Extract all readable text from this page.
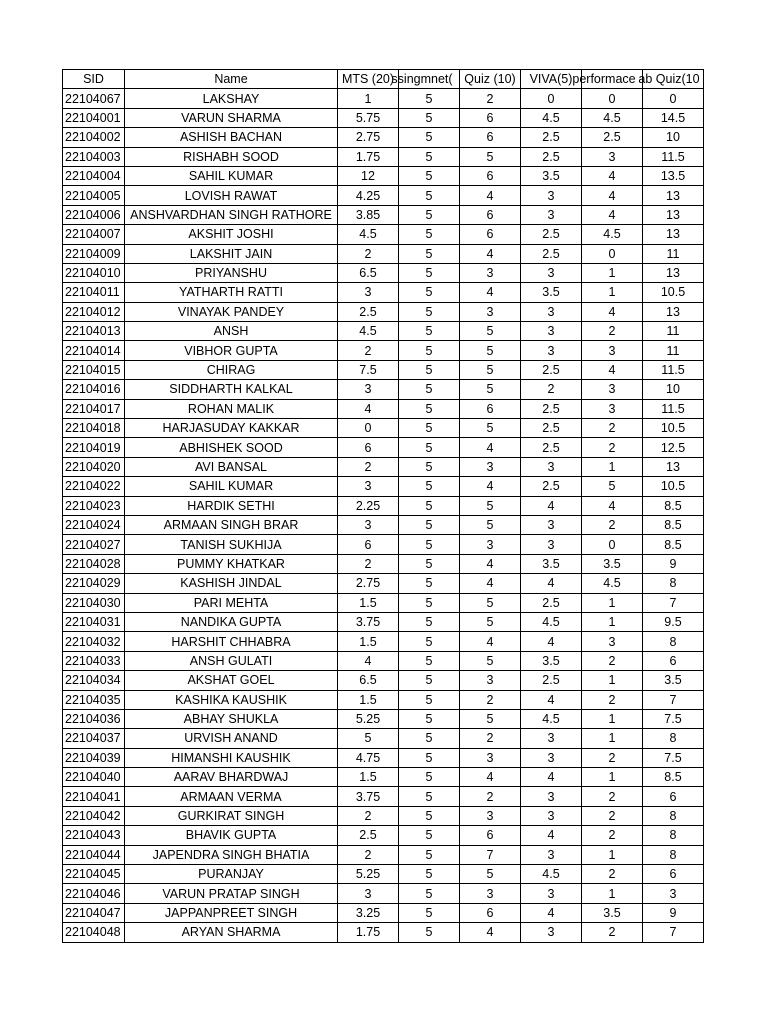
SID	Name	MTS (20)	ssingmnet(	Quiz (10)	VIVA(5)	performace	ab Quiz(10
22104067	LAKSHAY	1	5	2	0	0	0
22104001	VARUN SHARMA	5.75	5	6	4.5	4.5	14.5
22104002	ASHISH BACHAN	2.75	5	6	2.5	2.5	10
22104003	RISHABH SOOD	1.75	5	5	2.5	3	11.5
22104004	SAHIL KUMAR	12	5	6	3.5	4	13.5
22104005	LOVISH RAWAT	4.25	5	4	3	4	13
22104006	ANSHVARDHAN SINGH RATHORE	3.85	5	6	3	4	13
22104007	AKSHIT JOSHI	4.5	5	6	2.5	4.5	13
22104009	LAKSHIT JAIN	2	5	4	2.5	0	11
22104010	PRIYANSHU	6.5	5	3	3	1	13
22104011	YATHARTH RATTI	3	5	4	3.5	1	10.5
22104012	VINAYAK PANDEY	2.5	5	3	3	4	13
22104013	ANSH	4.5	5	5	3	2	11
22104014	VIBHOR GUPTA	2	5	5	3	3	11
22104015	CHIRAG	7.5	5	5	2.5	4	11.5
22104016	SIDDHARTH KALKAL	3	5	5	2	3	10
22104017	ROHAN MALIK	4	5	6	2.5	3	11.5
22104018	HARJASUDAY KAKKAR	0	5	5	2.5	2	10.5
22104019	ABHISHEK SOOD	6	5	4	2.5	2	12.5
22104020	AVI BANSAL	2	5	3	3	1	13
22104022	SAHIL KUMAR	3	5	4	2.5	5	10.5
22104023	HARDIK SETHI	2.25	5	5	4	4	8.5
22104024	ARMAAN SINGH BRAR	3	5	5	3	2	8.5
22104027	TANISH SUKHIJA	6	5	3	3	0	8.5
22104028	PUMMY KHATKAR	2	5	4	3.5	3.5	9
22104029	KASHISH JINDAL	2.75	5	4	4	4.5	8
22104030	PARI MEHTA	1.5	5	5	2.5	1	7
22104031	NANDIKA GUPTA	3.75	5	5	4.5	1	9.5
22104032	HARSHIT CHHABRA	1.5	5	4	4	3	8
22104033	ANSH GULATI	4	5	5	3.5	2	6
22104034	AKSHAT GOEL	6.5	5	3	2.5	1	3.5
22104035	KASHIKA KAUSHIK	1.5	5	2	4	2	7
22104036	ABHAY SHUKLA	5.25	5	5	4.5	1	7.5
22104037	URVISH ANAND	5	5	2	3	1	8
22104039	HIMANSHI KAUSHIK	4.75	5	3	3	2	7.5
22104040	AARAV BHARDWAJ	1.5	5	4	4	1	8.5
22104041	ARMAAN VERMA	3.75	5	2	3	2	6
22104042	GURKIRAT SINGH	2	5	3	3	2	8
22104043	BHAVIK GUPTA	2.5	5	6	4	2	8
22104044	JAPENDRA SINGH BHATIA	2	5	7	3	1	8
22104045	PURANJAY	5.25	5	5	4.5	2	6
22104046	VARUN PRATAP SINGH	3	5	3	3	1	3
22104047	JAPPANPREET SINGH	3.25	5	6	4	3.5	9
22104048	ARYAN SHARMA	1.75	5	4	3	2	7
